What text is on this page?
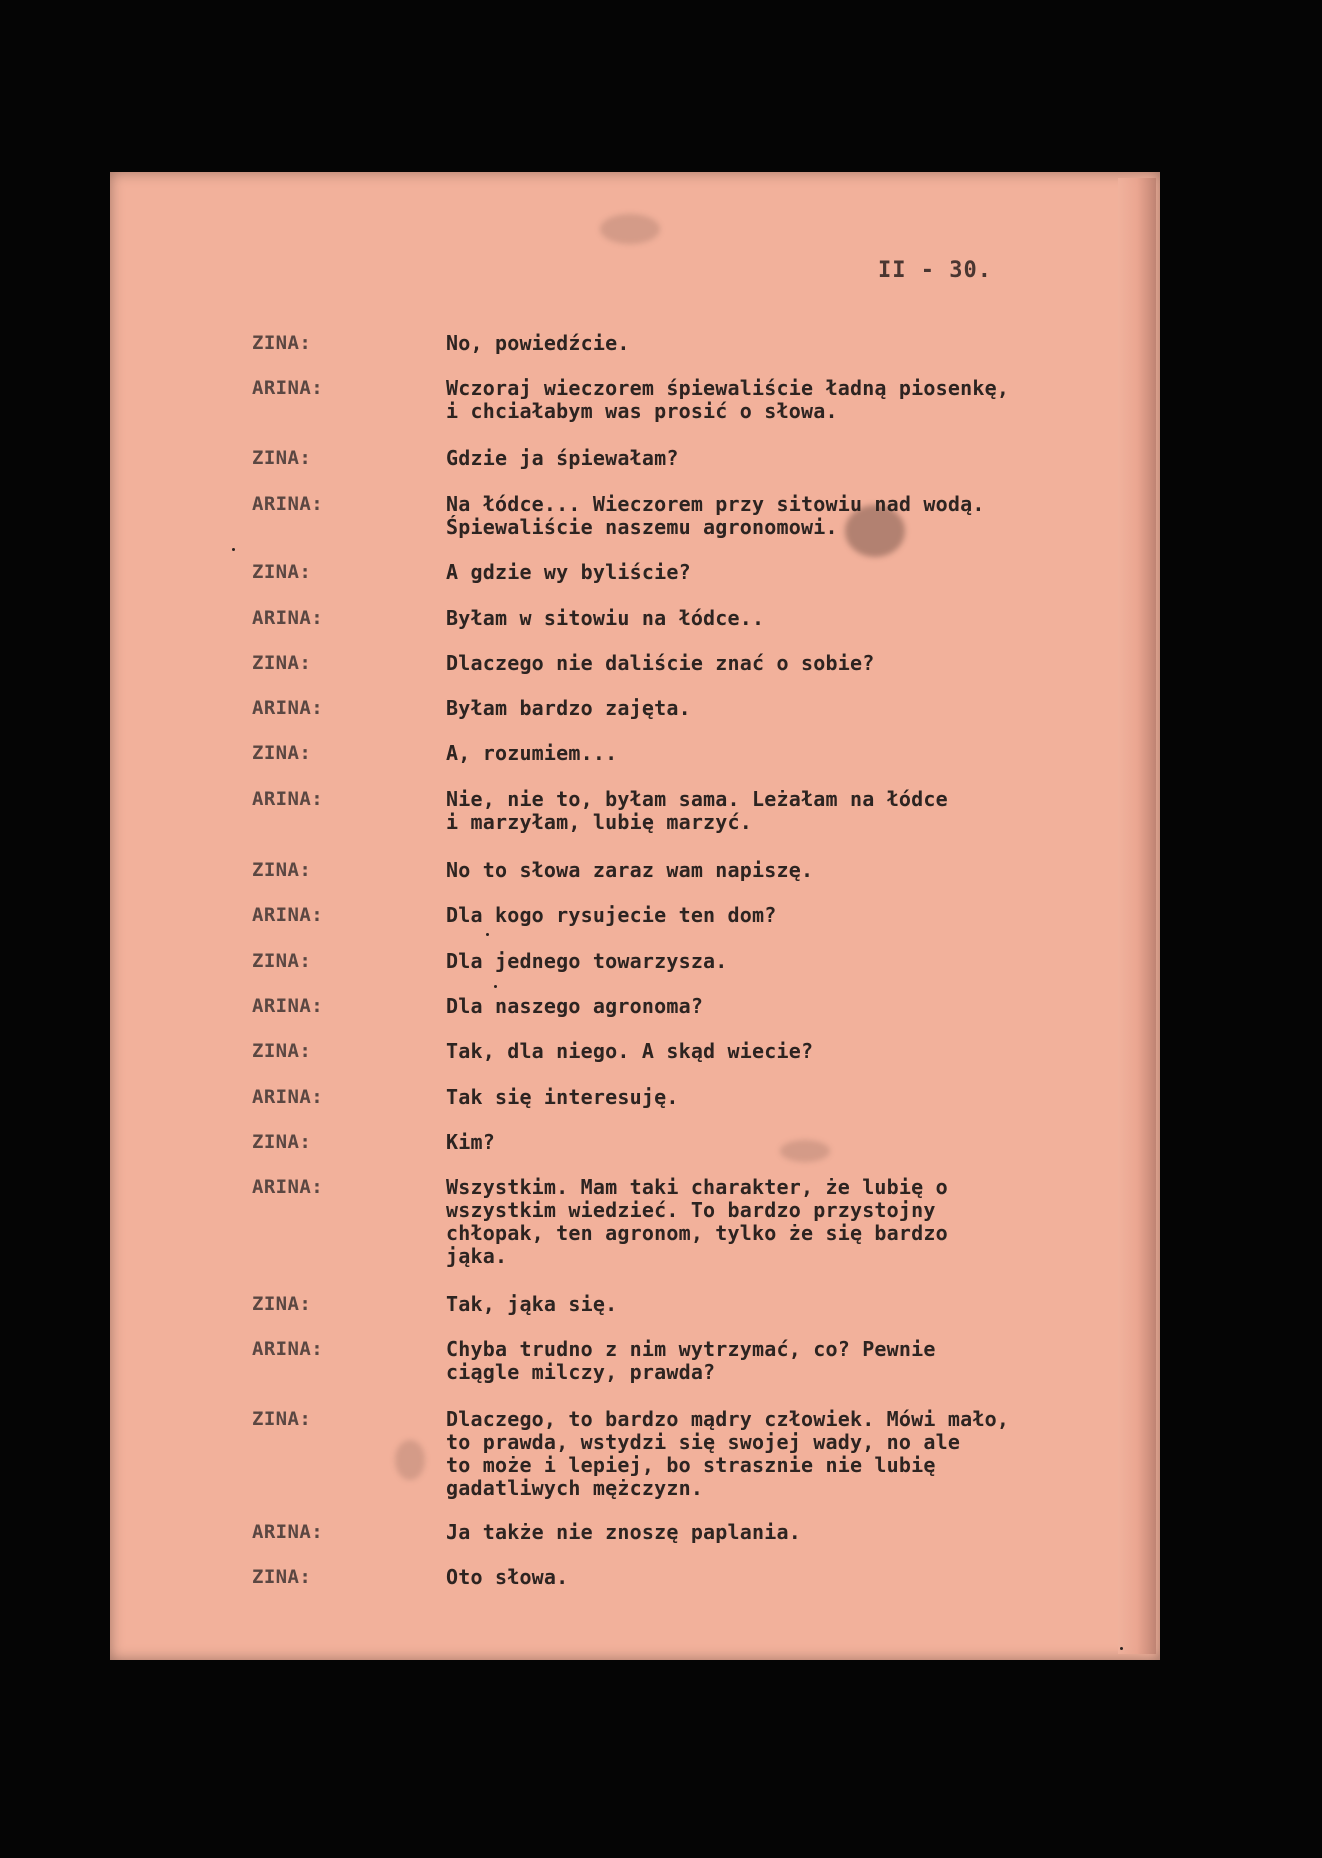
II - 30.
ZINA:	No, powiedźcie.
ARINA:	Wczoraj wieczorem śpiewaliście ładną piosenkę,
i chciałabym was prosić o słowa.
ZINA:	Gdzie ja śpiewałam?
ARINA:	Na łódce... Wieczorem przy sitowiu nad wodą.
Śpiewaliście naszemu agronomowi.
ZINA:	A gdzie wy byliście?
ARINA:	Byłam w sitowiu na łódce..
ZINA:	Dlaczego nie daliście znać o sobie?
ARINA:	Byłam bardzo zajęta.
ZINA:	A, rozumiem...
ARINA:	Nie, nie to, byłam sama. Leżałam na łódce
i marzyłam, lubię marzyć.
ZINA:	No to słowa zaraz wam napiszę.
ARINA:	Dla kogo rysujecie ten dom?
ZINA:	Dla jednego towarzysza.
ARINA:	Dla naszego agronoma?
ZINA:	Tak, dla niego. A skąd wiecie?
ARINA:	Tak się interesuję.
ZINA:	Kim?
ARINA:	Wszystkim. Mam taki charakter, że lubię o
wszystkim wiedzieć. To bardzo przystojny
chłopak, ten agronom, tylko że się bardzo
jąka.
ZINA:	Tak, jąka się.
ARINA:	Chyba trudno z nim wytrzymać, co? Pewnie
ciągle milczy, prawda?
ZINA:	Dlaczego, to bardzo mądry człowiek. Mówi mało,
to prawda, wstydzi się swojej wady, no ale
to może i lepiej, bo strasznie nie lubię
gadatliwych mężczyzn.
ARINA:	Ja także nie znoszę paplania.
ZINA:	Oto słowa.
